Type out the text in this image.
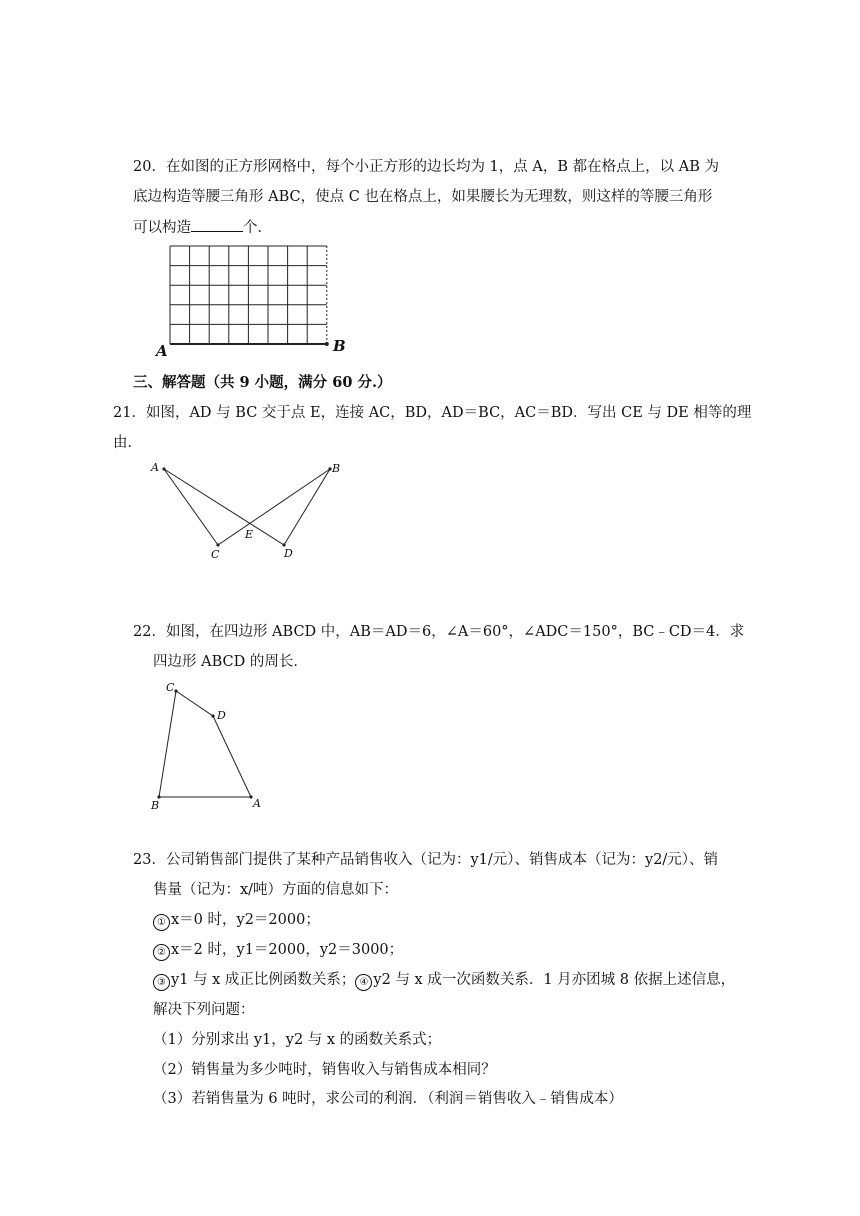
20．在如图的正方形网格中，每个小正方形的边长均为 1，点 A，B 都在格点上，以 AB 为
底边构造等腰三角形 ABC，使点 C 也在格点上，如果腰长为无理数，则这样的等腰三角形
可以构造	个．
A	B
三、解答题（共 9 小题，满分 60 分.）
21．如图，AD 与 BC 交于点 E，连接 AC，BD，AD＝BC，AC＝BD．写出 CE 与 DE 相等的理
由．
A	B
C	D
E
22．如图，在四边形 ABCD 中，AB＝AD＝6，∠A＝60°，∠ADC＝150°，BC﹣CD＝4．求
四边形 ABCD 的周长．
C
D
A
B
23．公司销售部门提供了某种产品销售收入（记为：y1/元）、销售成本（记为：y2/元）、销
售量（记为：x/吨）方面的信息如下：
① x＝0 时，y2＝2000；
② x＝2 时，y1＝2000，y2＝3000；
③ y1 与 x 成正比例函数关系； ④ y2 与 x 成一次函数关系．1 月亦团城 8 依据上述信息，
解决下列问题：
（1）分别求出 y1，y2 与 x 的函数关系式；
（2）销售量为多少吨时，销售收入与销售成本相同？
（3）若销售量为 6 吨时，求公司的利润．（利润＝销售收入﹣销售成本）
